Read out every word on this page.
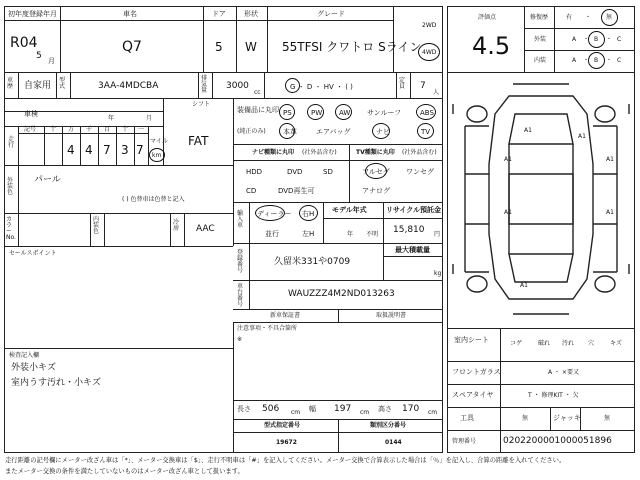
初年度登録年月
R04
5 月
車名
Q7
ドア
5
形状
W
グレード
55TFSI クワトロ Sライン
2WD
4WD
車歴 自家用
型式	3AA-4MDCBA
排気量 3000
cc
G ・ D ・ HV ・ ( )
定員 7
人
車検
年	月
走行
記号 十 万 千 百 十 一
4 4 7 3 7
マイル
km
シフト
FAT
装備品に丸印
(純正のみ)
PS	PW AW サンルーフ	ABS
本革	エアバッグ	ナビ	TV
ナビ種類に丸印 (社外品含む)
HDD	DVD	SD
CD	DVD再生可
TV種類に丸印 (社外品含む)
フルセグ ワンセグ
アナログ
外装色
パール
( ) 色替車は色替と記入
カラーNo.
内装色
冷房 AAC
輸入車
ディーラー 右H
並行	左H
モデル年式
年 不明
リサイクル預託金
15,810 円
セールスポイント	登録番号
久留米331や0709
最大積載量
kg
車台番号
WAUZZZ4M2ND013263
新車保証書	取扱説明書
注意事項・不具合箇所
※
検査記入欄
外装小キズ
室内うす汚れ・小キズ
長さ 506 cm 幅 197 cm 高さ 170 cm
型式指定番号
19672
類別区分番号
0144
評価点
4.5
修復歴	有 ・ 無
外装	A ・ B ・ C
内装	A ・ B ・ C
A1
A1
A1	A1
A1	A1
A1
室内シート	コゲ	破れ 汚れ 穴	キズ
フロントガラス	A ・ ×要又
スペアタイヤ	T ・ 修理KIT ・ 欠
工具	無	ジャッキ	無
管理番号	0202200001000051896
走行距離の記号欄にメーター改ざん車は「*」、メーター交換車は「$」、走行不明車は「#」を記入してください。メーター交換で合算表示した場合は「％」を記入し、合算の距離を入れてください。
またメーター交換の条件を満たしていないものはメーター改ざん車として扱います。
